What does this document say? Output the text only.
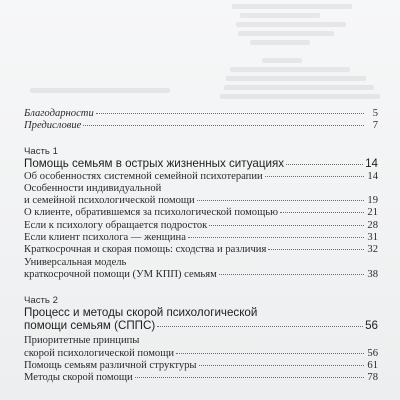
Благодарности	5
Предисловие	7
Часть 1
Помощь семьям в острых жизненных ситуациях	14
Об особенностях системной семейной психотерапии	14
Особенности индивидуальной
и семейной психологической помощи	19
О клиенте, обратившемся за психологической помощью	21
Если к психологу обращается подросток	28
Если клиент психолога — женщина	31
Краткосрочная и скорая помощь: сходства и различия	32
Универсальная модель
краткосрочной помощи (УМ КПП) семьям	38
Часть 2
Процесс и методы скорой психологической
помощи семьям (СППС)	56
Приоритетные принципы
скорой психологической помощи	56
Помощь семьям различной структуры	61
Методы скорой помощи	78
